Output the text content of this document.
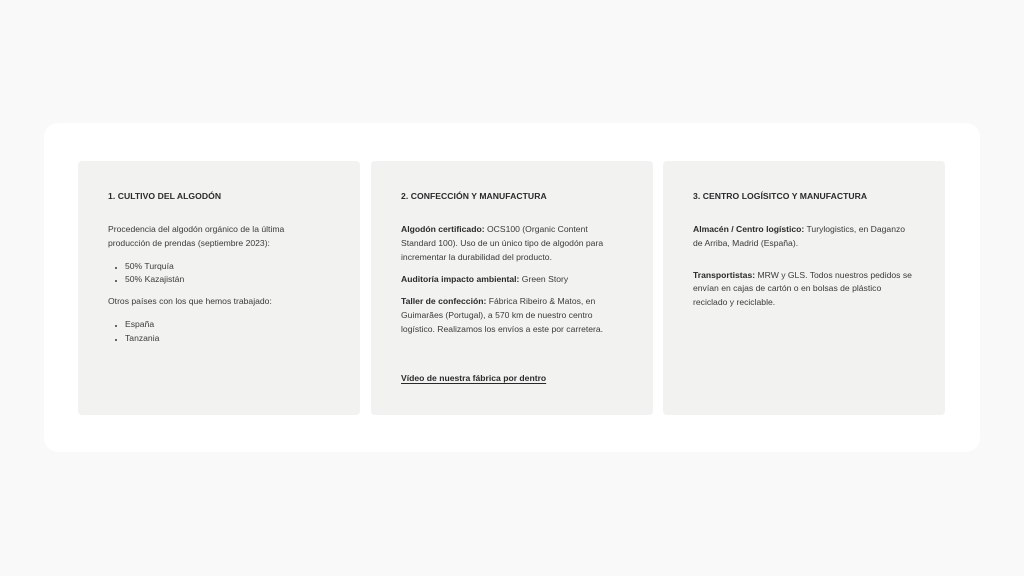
1. CULTIVO DEL ALGODÓN

Procedencia del algodón orgánico de la última producción de prendas (septiembre 2023):

• 50% Turquía
• 50% Kazajistán

Otros países con los que hemos trabajado:

• España
• Tanzania
2. CONFECCIÓN Y MANUFACTURA

Algodón certificado: OCS100 (Organic Content Standard 100). Uso de un único tipo de algodón para incrementar la durabilidad del producto.

Auditoría impacto ambiental: Green Story

Taller de confección: Fábrica Ribeiro & Matos, en Guimarães (Portugal), a 570 km de nuestro centro logístico. Realizamos los envíos a este por carretera.

Vídeo de nuestra fábrica por dentro
3. CENTRO LOGÍSITCO Y MANUFACTURA

Almacén / Centro logístico: Turylogistics, en Daganzo de Arriba, Madrid (España).

Transportistas: MRW y GLS. Todos nuestros pedidos se envían en cajas de cartón o en bolsas de plástico reciclado y reciclable.
